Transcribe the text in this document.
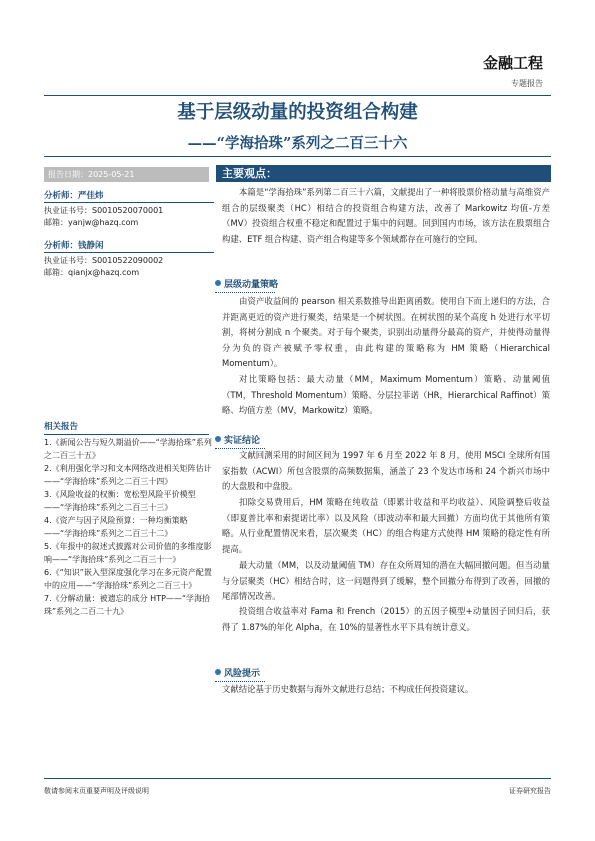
金融工程
专题报告
基于层级动量的投资组合构建
——“学海拾珠”系列之二百三十六
报告日期：2025-05-21
分析师：严佳炜
执业证书号：S0010520070001
邮箱：yanjw@hazq.com
分析师：钱静闲
执业证书号：S0010522090002
邮箱：qianjx@hazq.com
相关报告
1.《新闻公告与短久期溢价——“学海拾珠”系列之二百三十五》
2.《利用强化学习和文本网络改进相关矩阵估计 ——“学海拾珠”系列之二百三十四》
3.《风险收益的权衡：宽松型风险平价模型 ——“学海拾珠”系列之二百三十三》
4.《资产与因子风险预算：一种均衡策略——“学海拾珠”系列之二百三十二》
5.《年报中的叙述式披露对公司价值的多维度影响——“学海拾珠”系列之二百三十一》
6.《“知识”嵌入型深度强化学习在多元资产配置中的应用——“学海拾珠”系列之二百三十》
7.《分解动量：被遗忘的成分 HTP——“学海拾珠”系列之二百二十九》
主要观点：
本篇是“学海拾珠”系列第二百三十六篇，文献提出了一种将股票价格动量与高维资产组合的层级聚类（HC）相结合的投资组合构建方法，改善了 Markowitz 均值-方差（MV）投资组合权重不稳定和配置过于集中的问题。回到国内市场，该方法在股票组合构建、ETF 组合构建、资产组合构建等多个领域都存在可施行的空间。
层级动量策略
由资产收益间的 pearson 相关系数推导出距离函数。使用自下而上递归的方法，合并距离更近的资产进行聚类，结果是一个树状图。在树状图的某个高度 h 处进行水平切割，将树分割成 n 个聚类。对于每个聚类，识别出动量得分最高的资产，并使得动量得分为负的资产被赋予零权重，由此构建的策略称为 HM 策略（Hierarchical Momentum）。
对比策略包括：最大动量（MM，Maximum Momentum）策略、动量阈值（TM，Threshold Momentum）策略、分层拉菲诺（HR，Hierarchical Raffinot）策略、均值方差（MV，Markowitz）策略。
实证结论
文献回测采用的时间区间为 1997 年 6 月至 2022 年 8 月，使用 MSCI 全球所有国家指数（ACWI）所包含股票的高频数据集，涵盖了 23 个发达市场和 24 个新兴市场中的大盘股和中盘股。
扣除交易费用后，HM 策略在纯收益（即累计收益和平均收益）、风险调整后收益（即夏普比率和索提诺比率）以及风险（即波动率和最大回撤）方面均优于其他所有策略。从行业配置情况来看，层次聚类（HC）的组合构建方式使得 HM 策略的稳定性有所提高。
最大动量（MM，以及动量阈值 TM）存在众所周知的潜在大幅回撤问题。但当动量与分层聚类（HC）相结合时，这一问题得到了缓解，整个回撤分布得到了改善，回撤的尾部情况改善。
投资组合收益率对 Fama 和 French（2015）的五因子模型+动量因子回归后，获得了 1.87%的年化 Alpha，在 10%的显著性水平下具有统计意义。
风险提示
文献结论基于历史数据与海外文献进行总结；不构成任何投资建议。
敬请参阅末页重要声明及评级说明	证券研究报告
